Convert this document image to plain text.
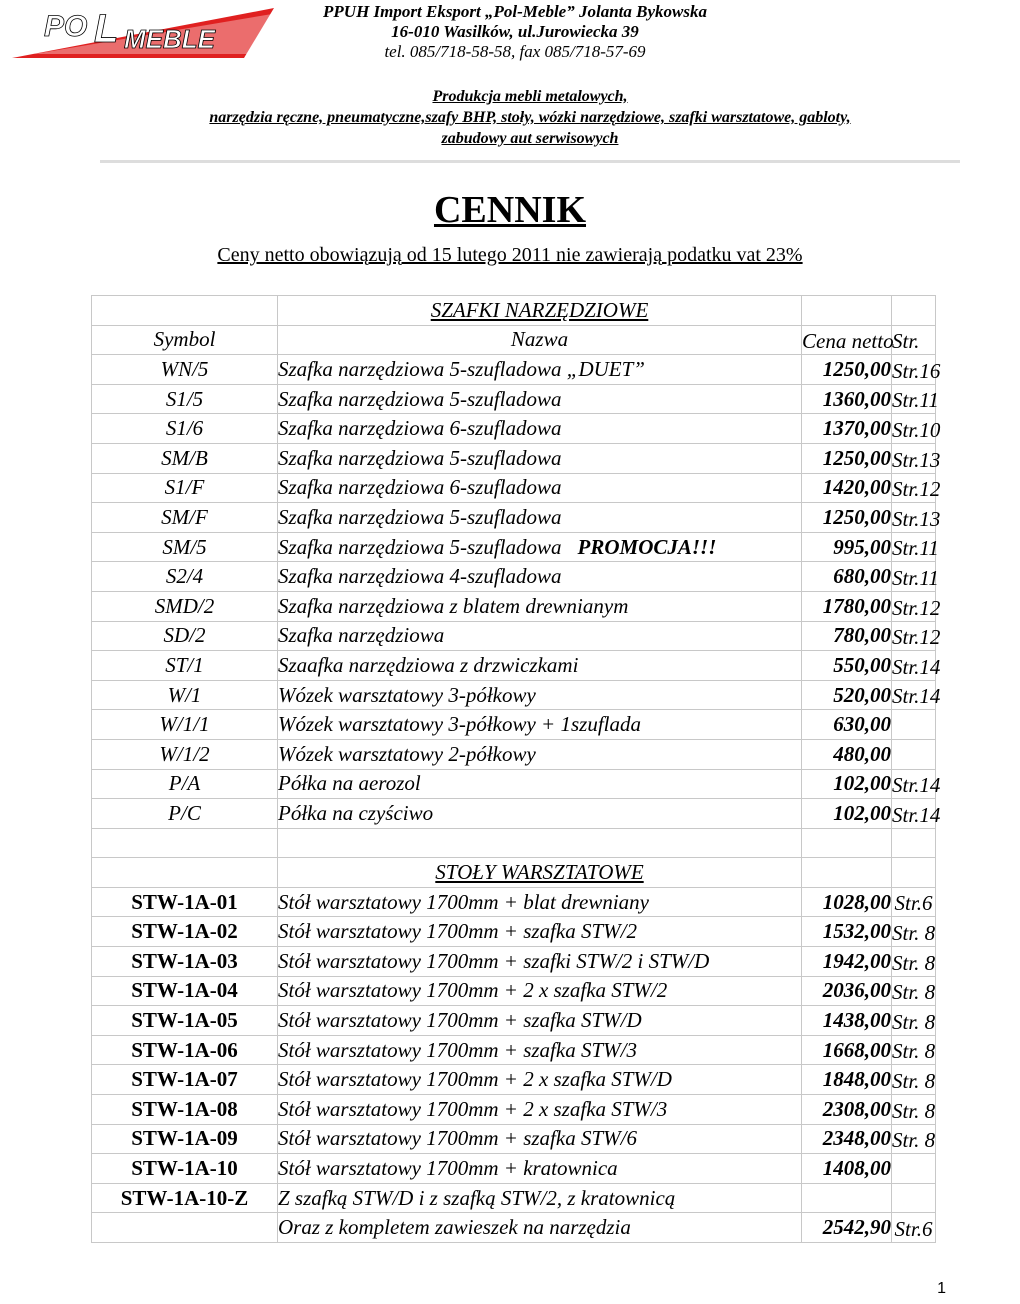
PO L MEBLE
PPUH Import Eksport „Pol-Meble” Jolanta Bykowska
16-010 Wasilków, ul.Jurowiecka 39
tel. 085/718-58-58, fax 085/718-57-69
Produkcja mebli metalowych,
narzędzia ręczne, pneumatyczne,szafy BHP, stoły, wózki narzędziowe, szafki warsztatowe, gabloty,
zabudowy aut serwisowych
CENNIK
Ceny netto obowiązują od 15 lutego 2011 nie zawierają podatku vat 23%
	SZAFKI NARZĘDZIOWE		
Symbol	Nazwa	Cena netto	Str.
WN/5	Szafka narzędziowa 5-szufladowa „DUET”	1250,00	Str.16
S1/5	Szafka narzędziowa 5-szufladowa	1360,00	Str.11
S1/6	Szafka narzędziowa 6-szufladowa	1370,00	Str.10
SM/B	Szafka narzędziowa 5-szufladowa	1250,00	Str.13
S1/F	Szafka narzędziowa 6-szufladowa	1420,00	Str.12
SM/F	Szafka narzędziowa 5-szufladowa	1250,00	Str.13
SM/5	Szafka narzędziowa 5-szufladowa PROMOCJA!!!	995,00	Str.11
S2/4	Szafka narzędziowa 4-szufladowa	680,00	Str.11
SMD/2	Szafka narzędziowa z blatem drewnianym	1780,00	Str.12
SD/2	Szafka narzędziowa	780,00	Str.12
ST/1	Szaafka narzędziowa z drzwiczkami	550,00	Str.14
W/1	Wózek warsztatowy 3-półkowy	520,00	Str.14
W/1/1	Wózek warsztatowy 3-półkowy + 1szuflada	630,00	
W/1/2	Wózek warsztatowy 2-półkowy	480,00	
P/A	Półka na aerozol	102,00	Str.14
P/C	Półka na czyściwo	102,00	Str.14

	STOŁY WARSZTATOWE		
STW-1A-01	Stół warsztatowy 1700mm + blat drewniany	1028,00	Str.6
STW-1A-02	Stół warsztatowy 1700mm + szafka STW/2	1532,00	Str. 8
STW-1A-03	Stół warsztatowy 1700mm + szafki STW/2 i STW/D	1942,00	Str. 8
STW-1A-04	Stół warsztatowy 1700mm + 2 x szafka STW/2	2036,00	Str. 8
STW-1A-05	Stół warsztatowy 1700mm + szafka STW/D	1438,00	Str. 8
STW-1A-06	Stół warsztatowy 1700mm + szafka STW/3	1668,00	Str. 8
STW-1A-07	Stół warsztatowy 1700mm + 2 x szafka STW/D	1848,00	Str. 8
STW-1A-08	Stół warsztatowy 1700mm + 2 x szafka STW/3	2308,00	Str. 8
STW-1A-09	Stół warsztatowy 1700mm + szafka STW/6	2348,00	Str. 8
STW-1A-10	Stół warsztatowy 1700mm + kratownica	1408,00	
STW-1A-10-Z	Z szafką STW/D i z szafką STW/2, z kratownicą		
	Oraz z kompletem zawieszek na narzędzia	2542,90	Str.6
1
